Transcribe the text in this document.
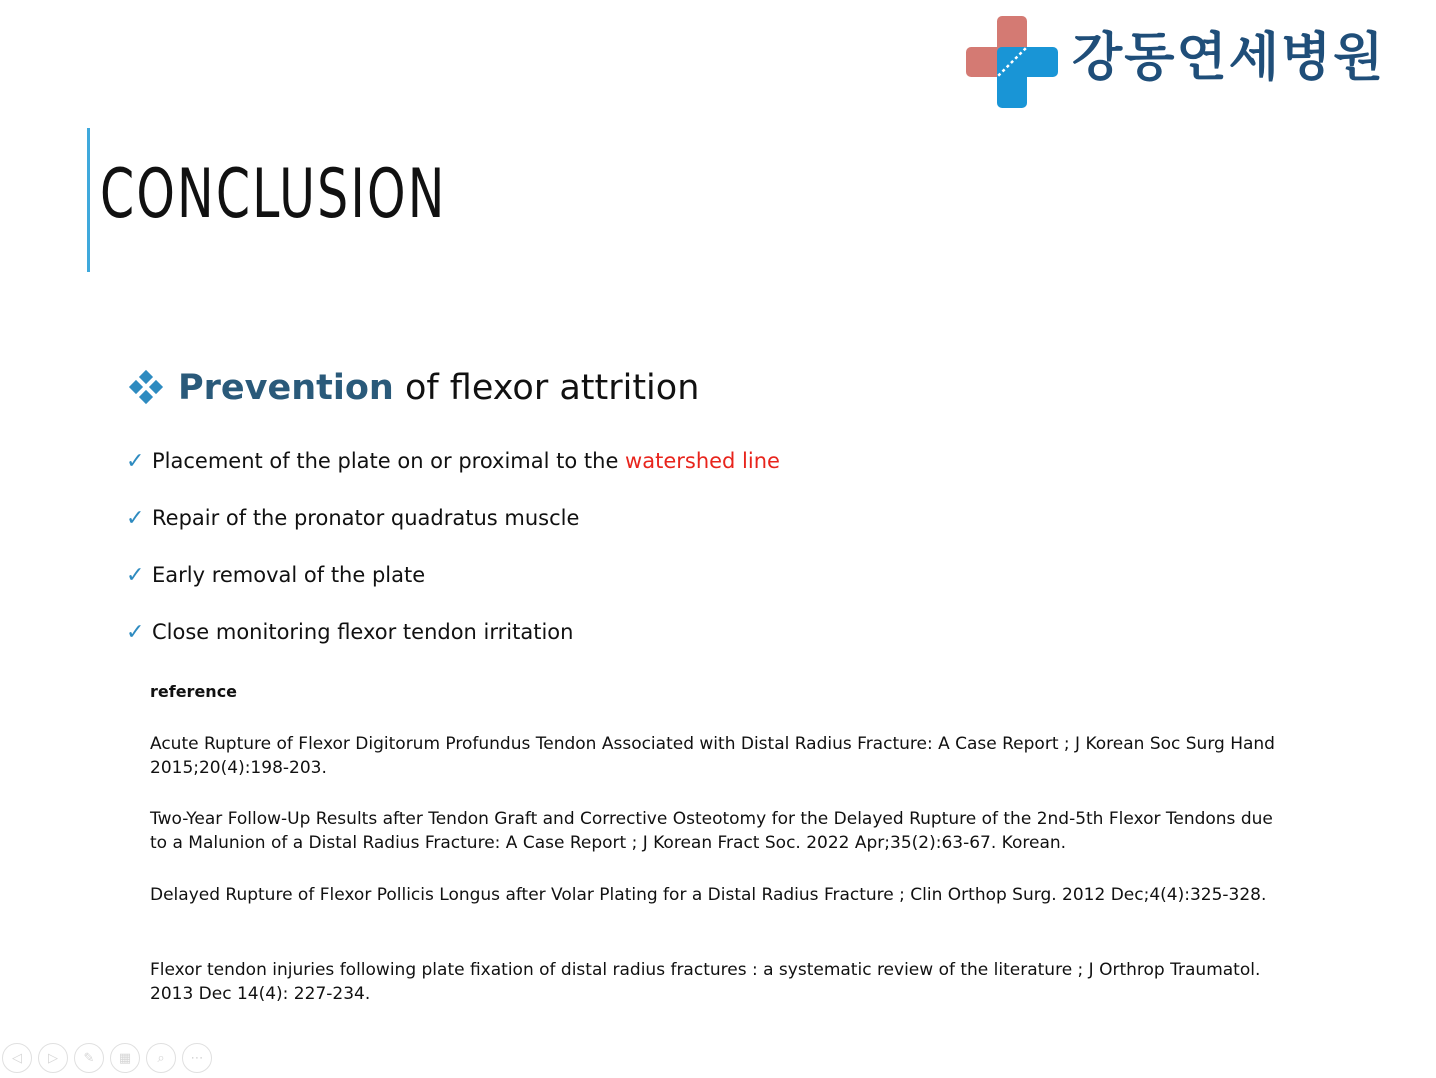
강동연세병원
CONCLUSION
Prevention of flexor attrition
✓ Placement of the plate on or proximal to the watershed line
✓ Repair of the pronator quadratus muscle
✓ Early removal of the plate
✓ Close monitoring flexor tendon irritation
reference
Acute Rupture of Flexor Digitorum Profundus Tendon Associated with Distal Radius Fracture: A Case Report ; J Korean Soc Surg Hand 2015;20(4):198-203.
Two-Year Follow-Up Results after Tendon Graft and Corrective Osteotomy for the Delayed Rupture of the 2nd-5th Flexor Tendons due to a Malunion of a Distal Radius Fracture: A Case Report ; J Korean Fract Soc. 2022 Apr;35(2):63-67. Korean.
Delayed Rupture of Flexor Pollicis Longus after Volar Plating for a Distal Radius Fracture ; Clin Orthop Surg. 2012 Dec;4(4):325-328.
Flexor tendon injuries following plate fixation of distal radius fractures : a systematic review of the literature ; J Orthrop Traumatol. 2013 Dec 14(4): 227-234.
◁	▷	✎	▦	⌕	⋯
